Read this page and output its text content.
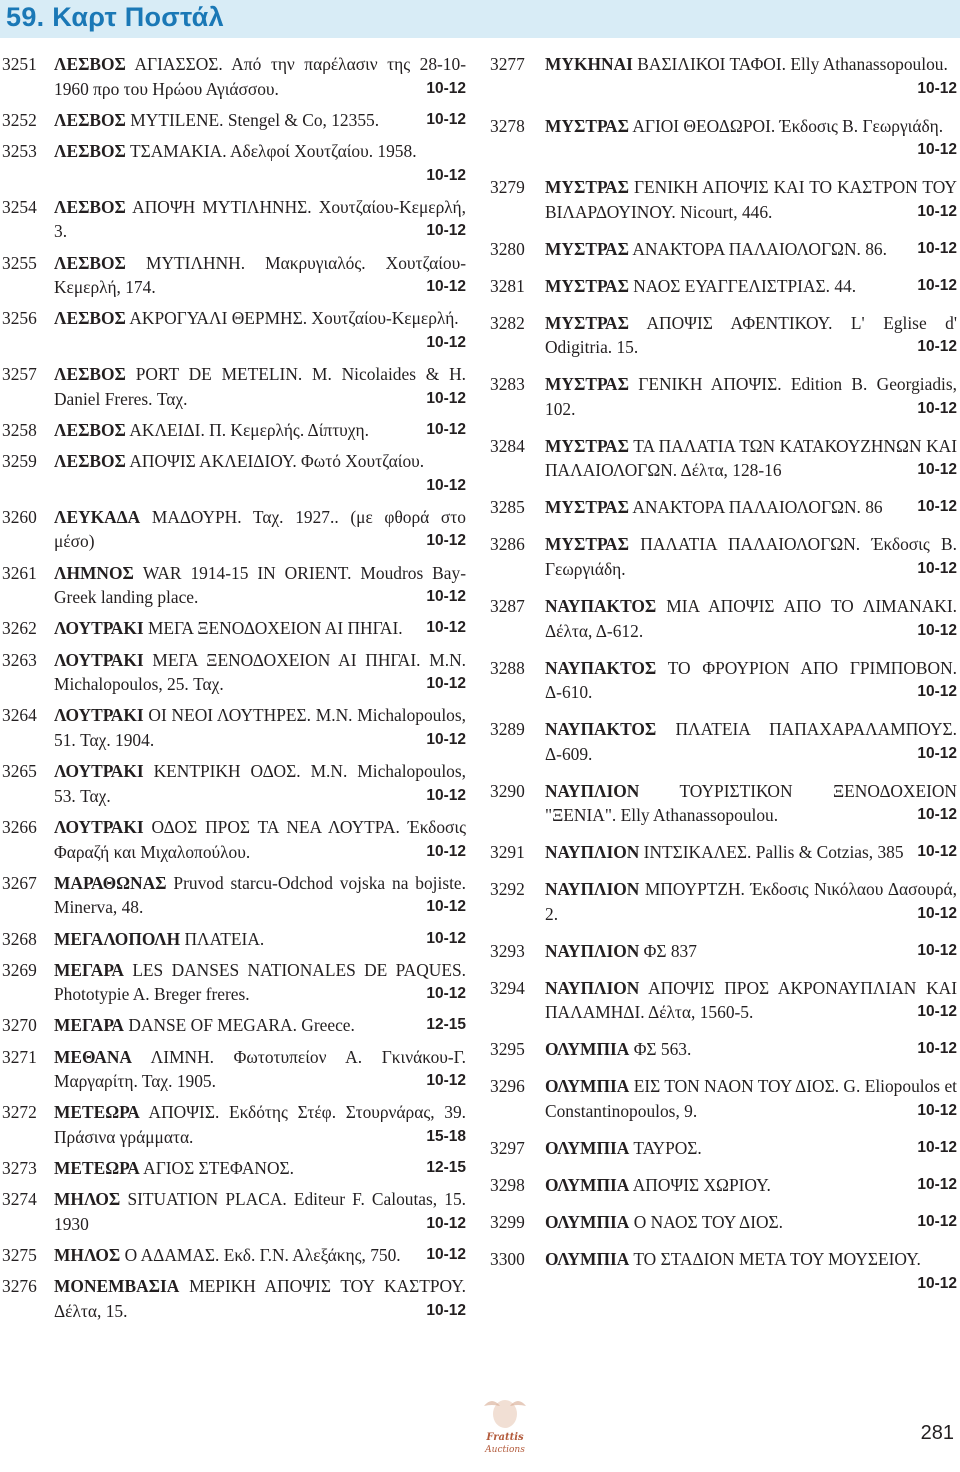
59. Καρτ Ποστάλ
3251 ΛΕΣΒΟΣ ΑΓΙΑΣΣΟΣ. Από την παρέλασιν της 28-10-1960 προ του Ηρώου Αγιάσσου.	10-12
3252 ΛΕΣΒΟΣ ΜΥΤΙLENE. Stengel & Co, 12355.	10-12
3253 ΛΕΣΒΟΣ ΤΣΑΜΑΚΙΑ. Αδελφοί Χουτζαίου. 1958.
10-12
3254 ΛΕΣΒΟΣ ΑΠΟΨΗ ΜΥΤΙΛΗΝΗΣ. Χουτζαίου-Κεμερλή, 3.	10-12
3255 ΛΕΣΒΟΣ ΜΥΤΙΛΗΝΗ. Μακρυγιαλός. Χουτζαίου-Κεμερλή, 174.	10-12
3256 ΛΕΣΒΟΣ ΑΚΡΟΓΥΑΛΙ ΘΕΡΜΗΣ. Χουτζαίου-Κεμερλή.
10-12
3257 ΛΕΣΒΟΣ PORT DE METELIN. M. Nicolaides & H. Daniel Freres. Ταχ.	10-12
3258 ΛΕΣΒΟΣ ΑΚΛΕΙΔΙ. Π. Κεμερλής. Δίπτυχη.	10-12
3259 ΛΕΣΒΟΣ ΑΠΟΨΙΣ ΑΚΛΕΙΔΙΟΥ. Φωτό Χουτζαίου.
10-12
3260 ΛΕΥΚΑΔΑ ΜΑΔΟΥΡΗ. Ταχ. 1927.. (με φθορά στο μέσο)	10-12
3261 ΛΗΜΝΟΣ WAR 1914-15 IN ORIENT. Moudros Bay-Greek landing place.	10-12
3262 ΛΟΥΤΡΑΚΙ ΜΕΓΑ ΞΕΝΟΔΟΧΕΙΟΝ ΑΙ ΠΗΓΑΙ. 10-12
3263 ΛΟΥΤΡΑΚΙ ΜΕΓΑ ΞΕΝΟΔΟΧΕΙΟΝ ΑΙ ΠΗΓΑΙ. M.N. Michalopoulos, 25. Ταχ.	10-12
3264 ΛΟΥΤΡΑΚΙ ΟΙ ΝΕΟΙ ΛΟΥΤΗΡΕΣ. M.N. Michalopoulos, 51. Ταχ. 1904.	10-12
3265 ΛΟΥΤΡΑΚΙ ΚΕΝΤΡΙΚΗ ΟΔΟΣ. M.N. Michalopoulos, 53. Ταχ.	10-12
3266 ΛΟΥΤΡΑΚΙ ΟΔΟΣ ΠΡΟΣ ΤΑ ΝΕΑ ΛΟΥΤΡΑ. Έκδοσις Φαραζή και Μιχαλοπούλου.	10-12
3267 ΜΑΡΑΘΩΝΑΣ Pruvod starcu-Odchod vojska na bojiste. Minerva, 48.	10-12
3268 ΜΕΓΑΛΟΠΟΛΗ ΠΛΑΤΕΙΑ.	10-12
3269 ΜΕΓΑΡΑ LES DANSES NATIONALES DE PAQUES. Phototypie A. Breger freres.	10-12
3270 ΜΕΓΑΡΑ DANSE OF MEGARA. Greece.	12-15
3271 ΜΕΘΑΝΑ ΛΙΜΝΗ. Φωτοτυπείον Α. Γκινάκου-Γ. Μαργαρίτη. Ταχ. 1905.	10-12
3272 ΜΕΤΕΩΡΑ ΑΠΟΨΙΣ. Εκδότης Στέφ. Στουρνάρας, 39. Πράσινα γράμματα.	15-18
3273 ΜΕΤΕΩΡΑ ΑΓΙΟΣ ΣΤΕΦΑΝΟΣ.	12-15
3274 ΜΗΛΟΣ SITUATION PLACA. Editeur F. Caloutas, 15. 1930	10-12
3275 ΜΗΛΟΣ Ο ΑΔΑΜΑΣ. Εκδ. Γ.Ν. Αλεξάκης, 750. 10-12
3276 ΜΟΝΕΜΒΑΣΙΑ ΜΕΡΙΚΗ ΑΠΟΨΙΣ ΤΟΥ ΚΑΣΤΡΟΥ. Δέλτα, 15.	10-12
3277	ΜΥΚΗΝΑΙ ΒΑΣΙΛΙΚΟΙ ΤΑΦΟΙ. Elly Athanassopoulou.
10-12
3278	ΜΥΣΤΡΑΣ ΑΓΙΟΙ ΘΕΟΔΩΡΟΙ. Έκδοσις Β. Γεωργιάδη.
10-12
3279	ΜΥΣΤΡΑΣ ΓΕΝΙΚΗ ΑΠΟΨΙΣ ΚΑΙ ΤΟ ΚΑΣΤΡΟΝ ΤΟΥ ΒΙΛΑΡΔΟΥΙΝΟΥ. Nicourt, 446.	10-12
3280	ΜΥΣΤΡΑΣ ΑΝΑΚΤΟΡΑ ΠΑΛΑΙΟΛΟΓΩΝ. 86. 10-12
3281	ΜΥΣΤΡΑΣ ΝΑΟΣ ΕΥΑΓΓΕΛΙΣΤΡΙΑΣ. 44.	10-12
3282	ΜΥΣΤΡΑΣ ΑΠΟΨΙΣ ΑΦΕΝΤΙΚΟΥ. L' Eglise d' Odigitria. 15.	10-12
3283	ΜΥΣΤΡΑΣ ΓΕΝΙΚΗ ΑΠΟΨΙΣ. Edition B. Georgiadis, 102.	10-12
3284	ΜΥΣΤΡΑΣ ΤΑ ΠΑΛΑΤΙΑ ΤΩΝ ΚΑΤΑΚΟΥΖΗΝΩΝ ΚΑΙ ΠΑΛΑΙΟΛΟΓΩΝ. Δέλτα, 128-16	10-12
3285	ΜΥΣΤΡΑΣ ΑΝΑΚΤΟΡΑ ΠΑΛΑΙΟΛΟΓΩΝ. 86 10-12
3286	ΜΥΣΤΡΑΣ ΠΑΛΑΤΙΑ ΠΑΛΑΙΟΛΟΓΩΝ. Έκδοσις Β. Γεωργιάδη.	10-12
3287	ΝΑΥΠΑΚΤΟΣ ΜΙΑ ΑΠΟΨΙΣ ΑΠΟ ΤΟ ΛΙΜΑΝΑΚΙ. Δέλτα, Δ-612.	10-12
3288	ΝΑΥΠΑΚΤΟΣ ΤΟ ΦΡΟΥΡΙΟΝ ΑΠΟ ΓΡΙΜΠΟΒΟΝ. Δ-610.	10-12
3289	ΝΑΥΠΑΚΤΟΣ ΠΛΑΤΕΙΑ ΠΑΠΑΧΑΡΑΛΑΜΠΟΥΣ. Δ-609.	10-12
3290	ΝΑΥΠΛΙΟΝ ΤΟΥΡΙΣΤΙΚΟΝ ΞΕΝΟΔΟΧΕΙΟΝ "ΞΕΝΙΑ". Elly Athanassopoulou.	10-12
3291	ΝΑΥΠΛΙΟΝ ΙΝΤΣΙΚΑΛΕΣ. Pallis & Cotzias, 385 10-12
3292	ΝΑΥΠΛΙΟΝ ΜΠΟΥΡΤΖΗ. Έκδοσις Νικόλαου Δασουρά, 2.	10-12
3293	ΝΑΥΠΛΙΟΝ ΦΣ 837	10-12
3294	ΝΑΥΠΛΙΟΝ ΑΠΟΨΙΣ ΠΡΟΣ ΑΚΡΟΝΑΥΠΛΙΑΝ ΚΑΙ ΠΑΛΑΜΗΔΙ. Δέλτα, 1560-5.	10-12
3295	ΟΛΥΜΠΙΑ ΦΣ 563.	10-12
3296	ΟΛΥΜΠΙΑ ΕΙΣ ΤΟΝ ΝΑΟΝ ΤΟΥ ΔΙΟΣ. G. Eliopoulos et Constantinopoulos, 9.	10-12
3297	ΟΛΥΜΠΙΑ ΤΑΥΡΟΣ.	10-12
3298	ΟΛΥΜΠΙΑ ΑΠΟΨΙΣ ΧΩΡΙΟΥ.	10-12
3299	ΟΛΥΜΠΙΑ Ο ΝΑΟΣ ΤΟΥ ΔΙΟΣ.	10-12
3300	ΟΛΥΜΠΙΑ ΤΟ ΣΤΑΔΙΟΝ ΜΕΤΑ ΤΟΥ ΜΟΥΣΕΙΟΥ.
10-12
Frattis
Auctions
281
